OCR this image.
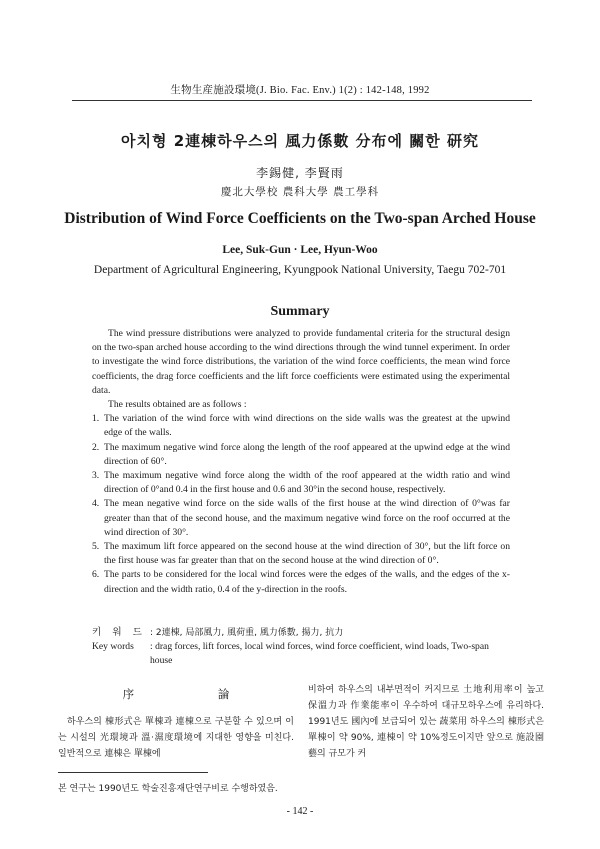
生物生産施設環境(J. Bio. Fac. Env.) 1(2) : 142-148, 1992
아치형 2連棟하우스의 風力係數 分布에 關한 研究
李錫健, 李賢雨
慶北大學校 農科大學 農工學科
Distribution of Wind Force Coefficients on the Two-span Arched House
Lee, Suk-Gun · Lee, Hyun-Woo
Department of Agricultural Engineering, Kyungpook National University, Taegu 702-701
Summary

The wind pressure distributions were analyzed to provide fundamental criteria for the structural design on the two-span arched house according to the wind directions through the wind tunnel experiment. In order to investigate the wind force distributions, the variation of the wind force coefficients, the mean wind force coefficients, the drag force coefficients and the lift force coefficients were estimated using the experimental data.

The results obtained are as follows :

1. The variation of the wind force with wind directions on the side walls was the greatest at the upwind edge of the walls.
2. The maximum negative wind force along the length of the roof appeared at the upwind edge at the wind direction of 60°.
3. The maximum negative wind force along the width of the roof appeared at the width ratio and wind direction of 0°and 0.4 in the first house and 0.6 and 30°in the second house, respectively.
4. The mean negative wind force on the side walls of the first house at the wind direction of 0°was far greater than that of the second house, and the maximum negative wind force on the roof occurred at the wind direction of 30°.
5. The maximum lift force appeared on the second house at the wind direction of 30°, but the lift force on the first house was far greater than that on the second house at the wind direction of 0°.
6. The parts to be considered for the local wind forces were the edges of the walls, and the edges of the x-direction and the width ratio, 0.4 of the y-direction in the roofs.
키 워 드 : 2連棟, 局部風力, 風荷重, 風力係數, 揚力, 抗力
Key words	: drag forces, lift forces, local wind forces, wind force coefficient, wind loads, Two-span house
序 論

하우스의 棟形式은 單棟과 連棟으로 구분할 수 있으며 이는 시설의 光環境과 溫·濕度環境에 지대한 영향을 미친다. 일반적으로 連棟은 單棟에

비하여 하우스의 내부면적이 커지므로 土地利用率이 높고 保溫力과 作業能率이 우수하여 대규모하우스에 유리하다. 1991년도 國內에 보급되어 있는 蔬菜用 하우스의 棟形式은 單棟이 약 90%, 連棟이 약 10%정도이지만 앞으로 施設園藝의 규모가 커

본 연구는 1990년도 학술진흥재단연구비로 수행하였음.
- 142 -
